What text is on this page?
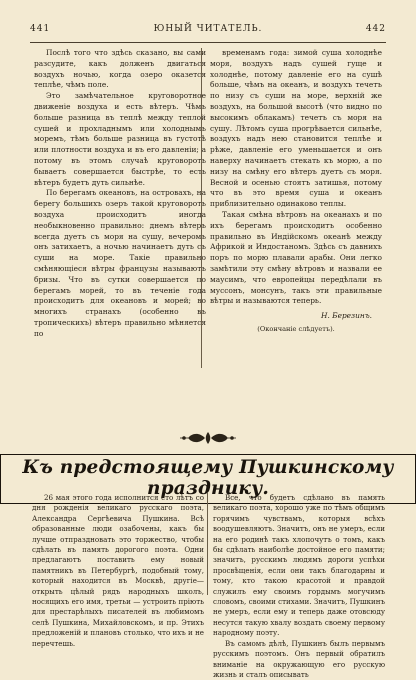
441	ЮНЫЙ ЧИТАТЕЛЬ.	442

Послѣ того что здѣсь сказано, вы сами разсудите, какъ долженъ двигаться воздухъ ночью, когда озеро оказется теплѣе, чѣмъ поле.

Это замѣчательное круговоротное движеніе воздуха и есть вѣтеръ. Чѣмъ больше разница въ теплѣ между теплой сушей и прохладнымъ или холоднымъ моремъ, тѣмъ больше разница въ густотѣ или плотности воздуха и въ его давленіи; а потому въ этомъ случаѣ круговоротъ бываетъ совершается быстрѣе, то есть вѣтеръ будетъ дуть сильнѣе.

По берегамъ океановъ, на островахъ, на берегу большихъ озеръ такой круговоротъ воздуха происходитъ иногда необыкновенно правильно: днемъ вѣтеръ всегда дуетъ съ моря на сушу, вечеромъ онъ затихаетъ, а ночью начинаетъ дуть съ суши на море. Такіе правильно смѣняющіеся вѣтры французы называютъ бризы. Что въ сутки совершается по берегамъ морей, то въ теченіе года происходитъ для океановъ и морей; во многихъ странахъ (особенно въ тропическихъ) вѣтеръ правильно мѣняется по

временамъ года: зимой суша холоднѣе моря, воздухъ надъ сушей гуще и холоднѣе, потому давленіе его на сушѣ больше, чѣмъ на океанъ, и воздухъ течетъ по низу съ суши на море, верхній же воздухъ, на большой высотѣ (что видно по высокимъ облакамъ) течетъ съ моря на сушу. Лѣтомъ суша прогрѣвается сильнѣе, воздухъ надъ нею становится теплѣе и рѣже, давленіе его уменьшается и онъ наверху начинаетъ стекать къ морю, а по низу на смѣну его вѣтеръ дуетъ съ моря. Весной и осенью стоятъ затишья, потому что въ это время суша и океанъ приблизительно одинаково теплы.

Такая смѣна вѣтровъ на океанахъ и по ихъ берегамъ происходитъ особенно правильно въ Индійскомъ океанѣ между Африкой и Индостаномъ. Здѣсь съ давнихъ поръ по морю плавали арабы. Они легко замѣтили эту смѣну вѣтровъ и назвали ее маусимъ, что европейцы передѣлали въ муссонъ, монсунъ, такъ эти правильные вѣтры и называются теперь.

Н. Березинъ.
(Окончаніе слѣдуетъ).
Къ предстоящему Пушкинскому празднику.

26 мая этого года исполнится сто лѣтъ со дня рожденія великаго русскаго поэта, Александра Сергѣевича Пушкина. Всѣ образованные люди озабочены, какъ бы лучше отпраздновать это торжество, чтобы сдѣлать въ память дорогого поэта. Одни предлагаютъ поставить ему новый памятникъ въ Петербургѣ, подобный тому, который находится въ Москвѣ, другіе—открыть цѣлый рядъ народныхъ школъ, носящихъ его имя, третьи — устроить пріють для престарѣлыхъ писателей въ любимомъ селѣ Пушкина, Михайловскомъ, и пр. Этихъ предложеній и плановъ столько, что ихъ и не перечтешь.

Все, что будетъ сдѣлано въ память великаго поэта, хорошо уже по тѣмъ общимъ горячимъ чувствамъ, которыя всѣхъ воодушевляютъ. Значитъ, онъ не умеръ, если на его родинѣ такъ хлопочутъ о томъ, какъ бы сдѣлать наиболѣе достойное его памяти; значитъ, русскимъ людямъ дороги успѣхи просвѣщенія, если они такъ благодарны и тому, кто такою красотой и правдой служилъ ему своимъ гордымъ могучимъ словомъ, своими стихами. Значитъ, Пушкинъ не умеръ, если ему и теперь даже отовсюду несутся такую хвалу воздать своему первому народному поэту.

Въ самомъ дѣлѣ, Пушкинъ былъ первымъ русскимъ поэтомъ. Онъ первый обратилъ вниманіе на окружающую его русскую жизнь и сталъ описывать
